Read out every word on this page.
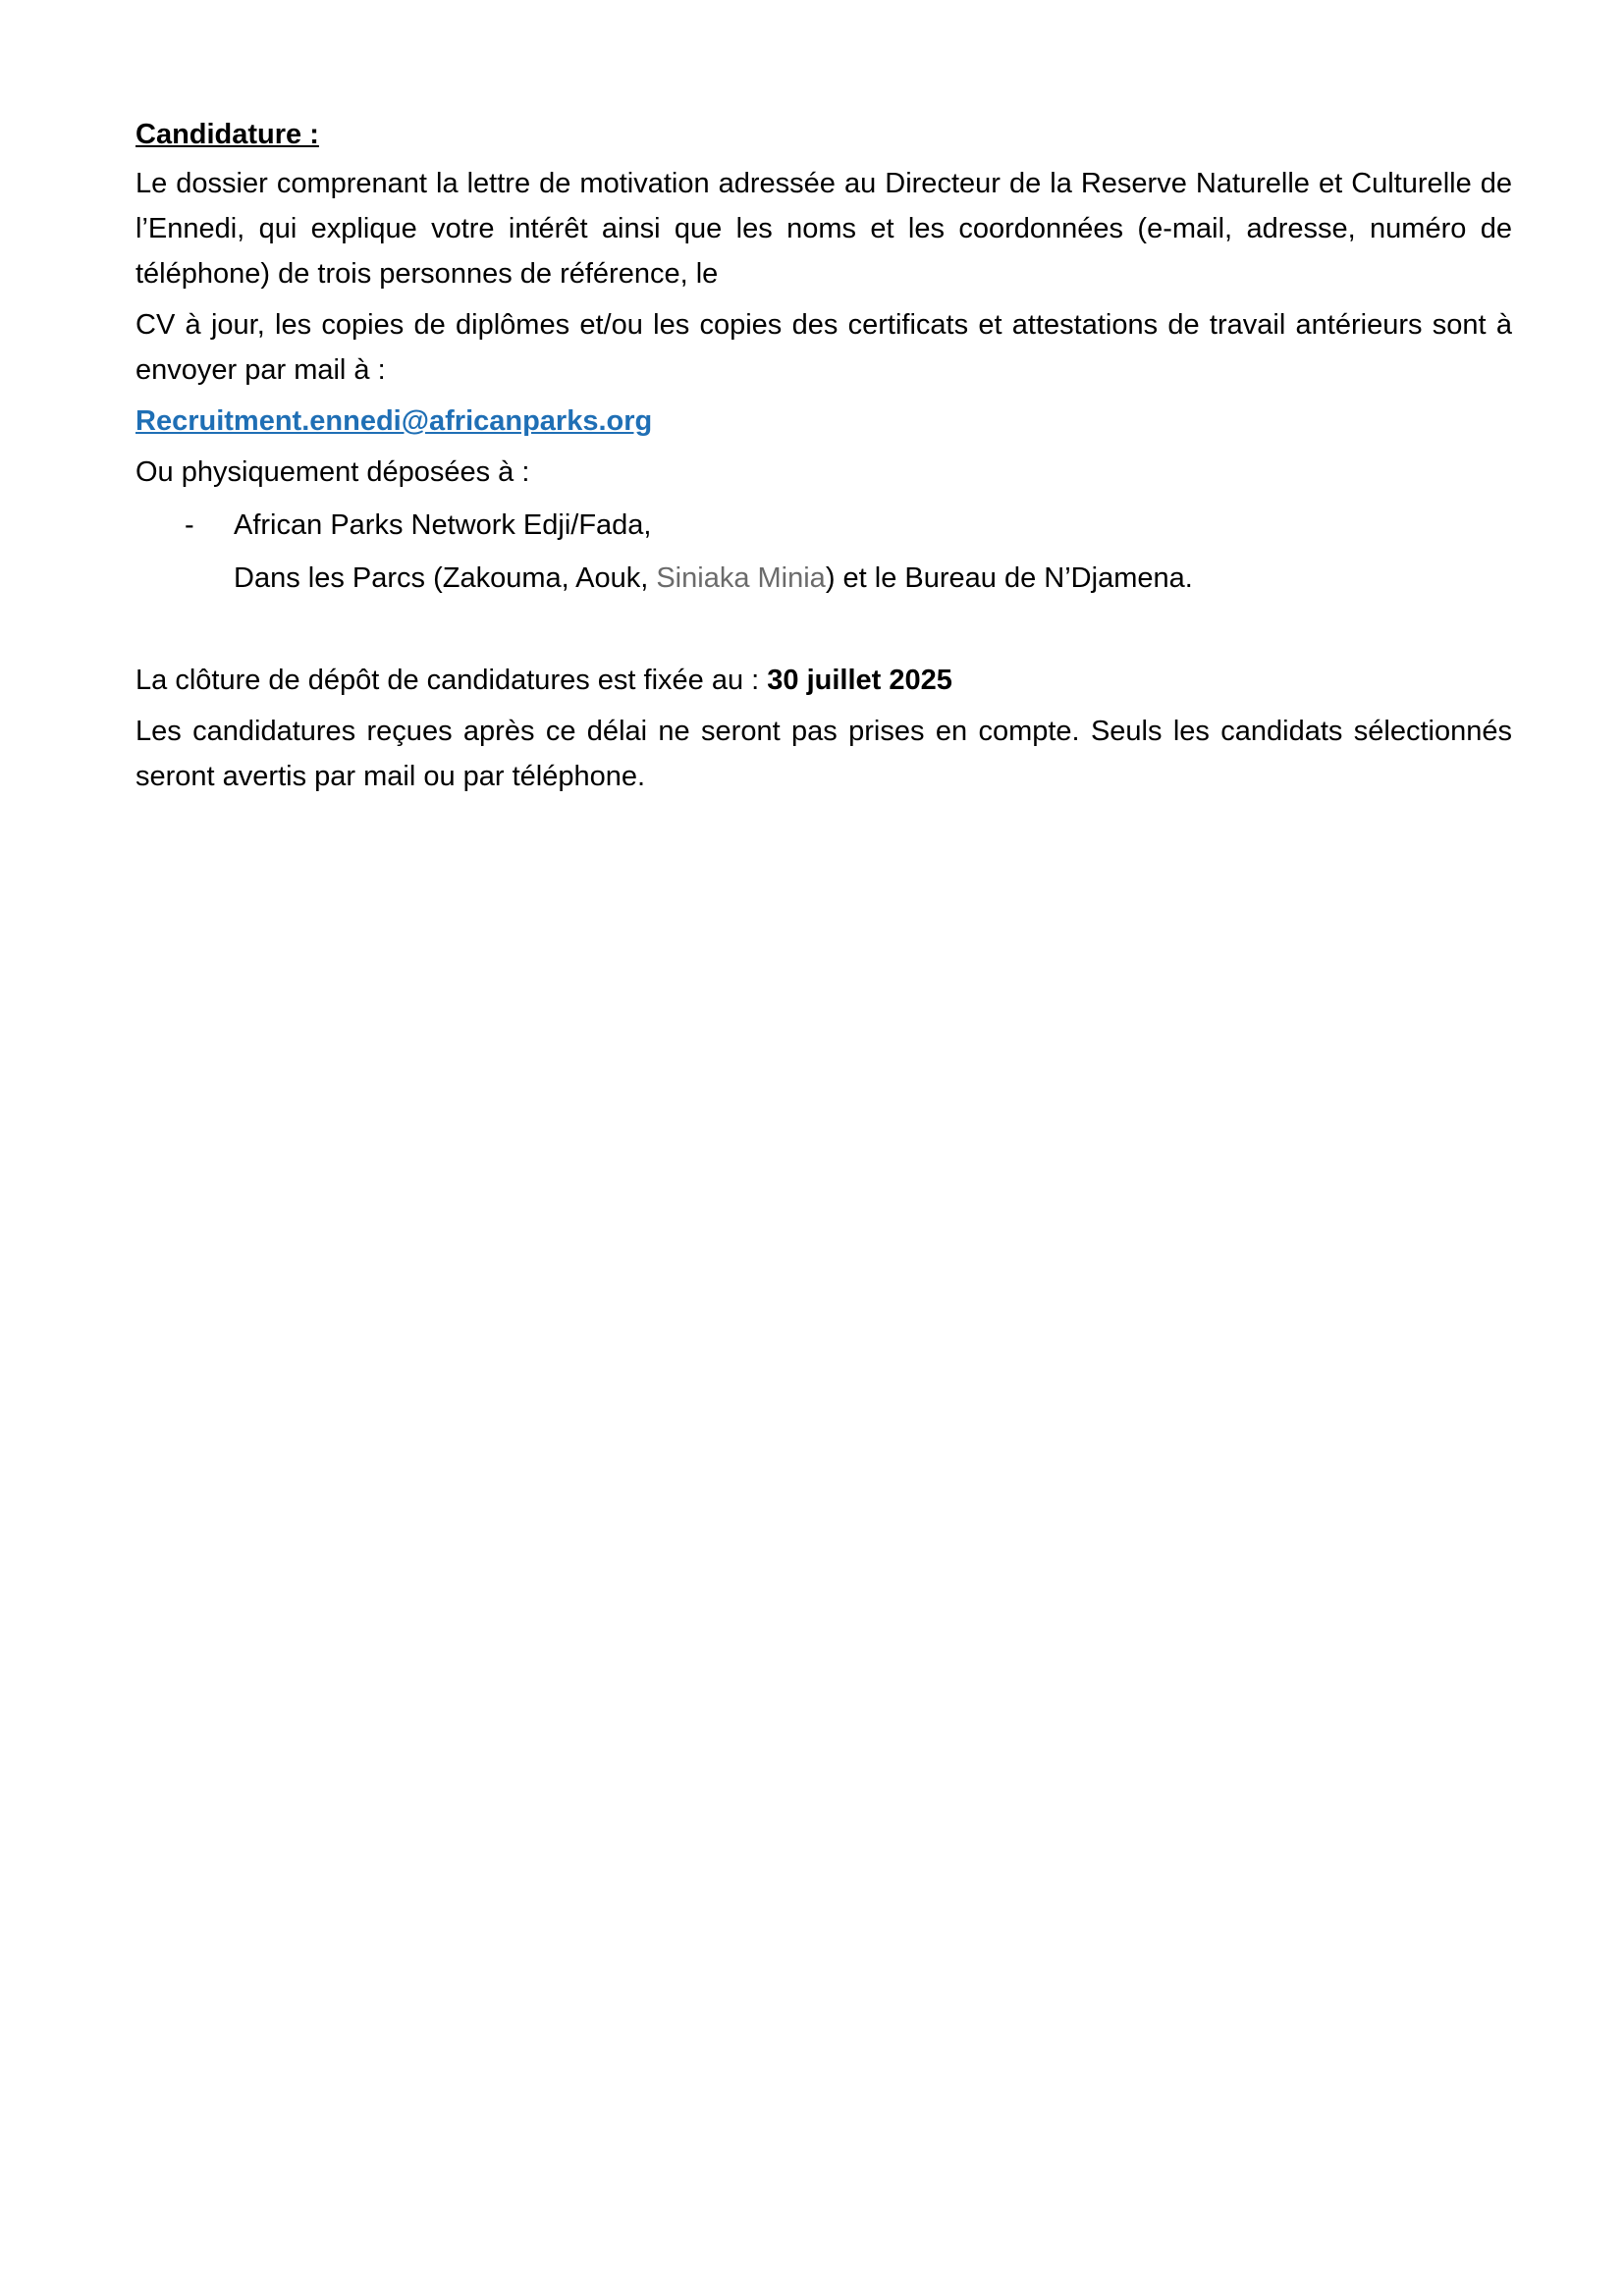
Candidature :

Le dossier comprenant la lettre de motivation adressée au Directeur de la Reserve Naturelle et Culturelle de l’Ennedi, qui explique votre intérêt ainsi que les noms et les coordonnées (e-mail, adresse, numéro de téléphone) de trois personnes de référence, le

CV à jour, les copies de diplômes et/ou les copies des certificats et attestations de travail antérieurs sont à envoyer par mail à :

Recruitment.ennedi@africanparks.org

Ou physiquement déposées à :

- African Parks Network Edji/Fada,
Dans les Parcs (Zakouma, Aouk, Siniaka Minia) et le Bureau de N’Djamena.

La clôture de dépôt de candidatures est fixée au : 30 juillet 2025

Les candidatures reçues après ce délai ne seront pas prises en compte. Seuls les candidats sélectionnés seront avertis par mail ou par téléphone.
